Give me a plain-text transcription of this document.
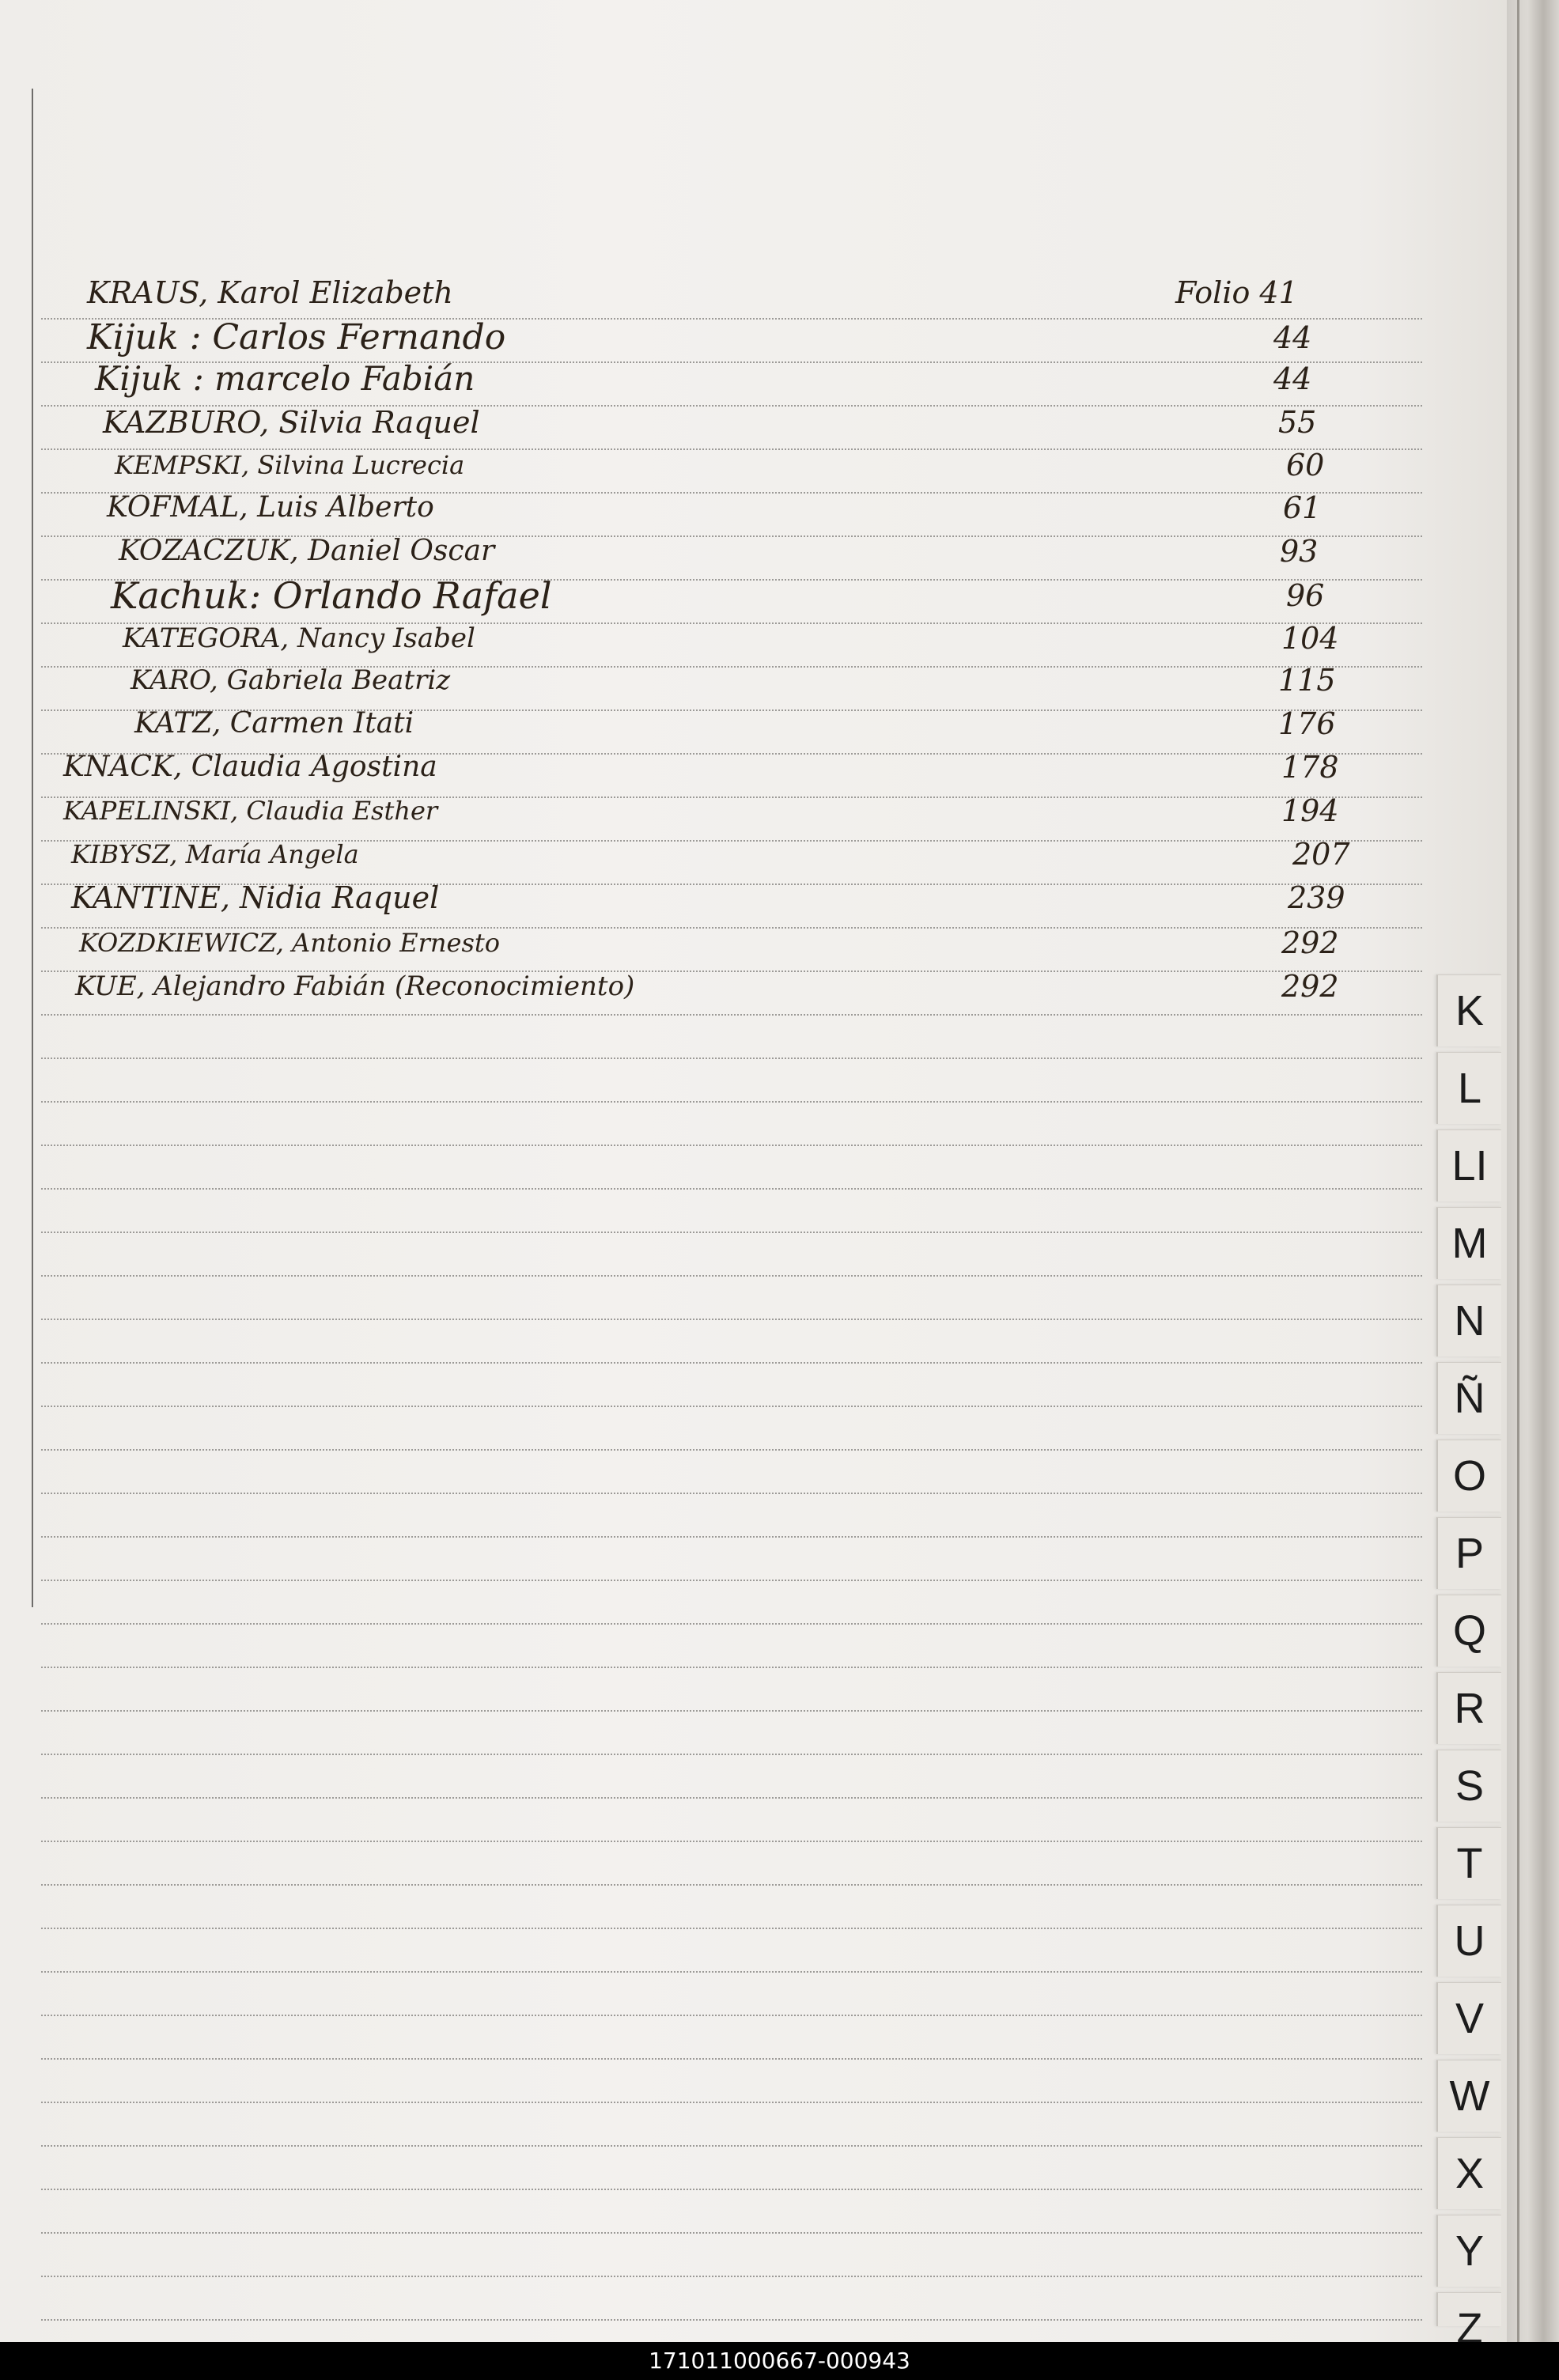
KRAUS, Karol Elizabeth	Folio 41
Kijuk : Carlos Fernando	44
Kijuk : marcelo Fabián	44
KAZBURO, Silvia Raquel	55
KEMPSKI, Silvina Lucrecia	60
KOFMAL, Luis Alberto	61
KOZACZUK, Daniel Oscar	93
Kachuk: Orlando Rafael	96
KATEGORA, Nancy Isabel	104
KARO, Gabriela Beatriz	115
KATZ, Carmen Itati	176
KNACK, Claudia Agostina	178
KAPELINSKI, Claudia Esther	194
KIBYSZ, María Angela	207
KANTINE, Nidia Raquel	239
KOZDKIEWICZ, Antonio Ernesto	292
KUE, Alejandro Fabián (Reconocimiento)	292
K
L
LI
M
N
Ñ
O
P
Q
R
S
T
U
V
W
X
Y
Z
171011000667-000943
